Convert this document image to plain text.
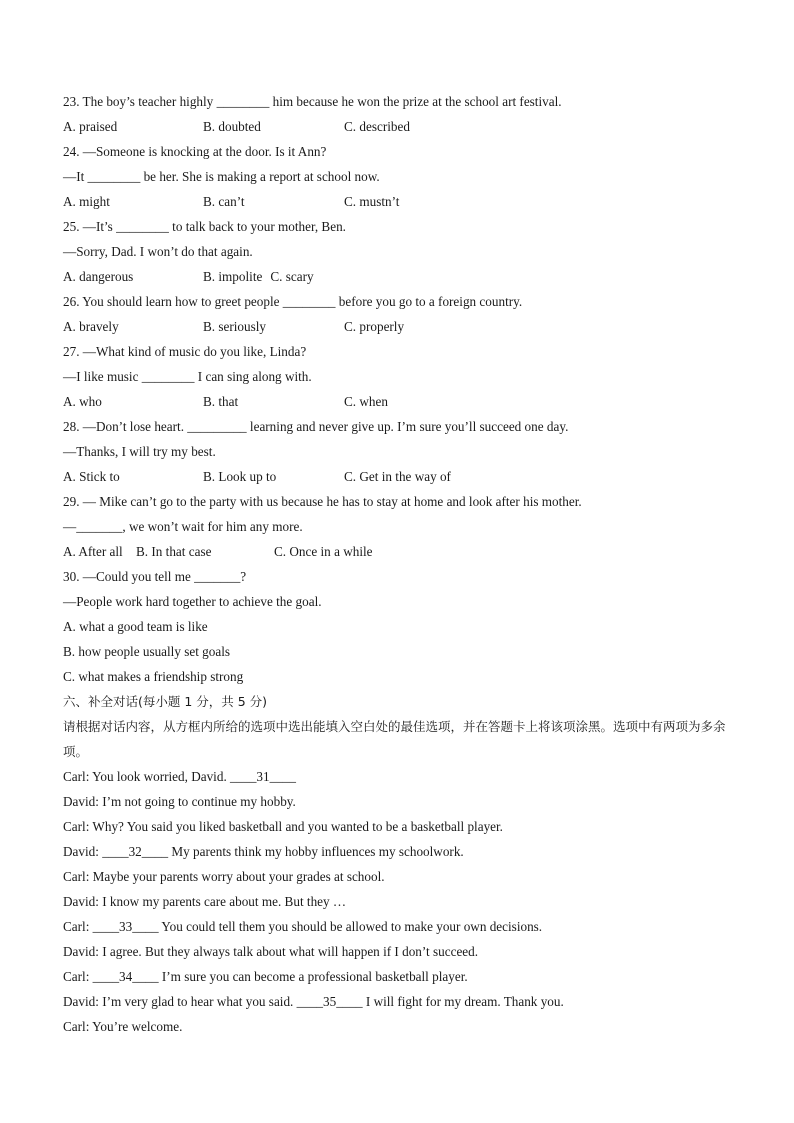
23. The boy’s teacher highly ________ him because he won the prize at the school art festival.
A. praised	B. doubted	C. described
24. —Someone is knocking at the door. Is it Ann?
—It ________ be her. She is making a report at school now.
A. might	B. can’t	C. mustn’t
25. —It’s ________ to talk back to your mother, Ben.
—Sorry, Dad. I won’t do that again.
A. dangerous	B. impolite C. scary
26. You should learn how to greet people ________ before you go to a foreign country.
A. bravely	B. seriously	C. properly
27. —What kind of music do you like, Linda?
—I like music ________ I can sing along with.
A. who	B. that	C. when
28. —Don’t lose heart. _________ learning and never give up. I’m sure you’ll succeed one day.
—Thanks, I will try my best.
A. Stick to	B. Look up to	C. Get in the way of
29. — Mike can’t go to the party with us because he has to stay at home and look after his mother.
—_______, we won’t wait for him any more.
A. After all	B. In that case	C. Once in a while
30. —Could you tell me _______?
—People work hard together to achieve the goal.
A. what a good team is like
B. how people usually set goals
C. what makes a friendship strong
六、补全对话(每小题 1 分，共 5 分)
请根据对话内容，从方框内所给的选项中选出能填入空白处的最佳选项，并在答题卡上将该项涂黑。选项中有两项为多余项。
Carl: You look worried, David. ____31____
David: I’m not going to continue my hobby.
Carl: Why? You said you liked basketball and you wanted to be a basketball player.
David: ____32____ My parents think my hobby influences my schoolwork.
Carl: Maybe your parents worry about your grades at school.
David: I know my parents care about me. But they …
Carl: ____33____ You could tell them you should be allowed to make your own decisions.
David: I agree. But they always talk about what will happen if I don’t succeed.
Carl: ____34____ I’m sure you can become a professional basketball player.
David: I’m very glad to hear what you said. ____35____ I will fight for my dream. Thank you.
Carl: You’re welcome.
